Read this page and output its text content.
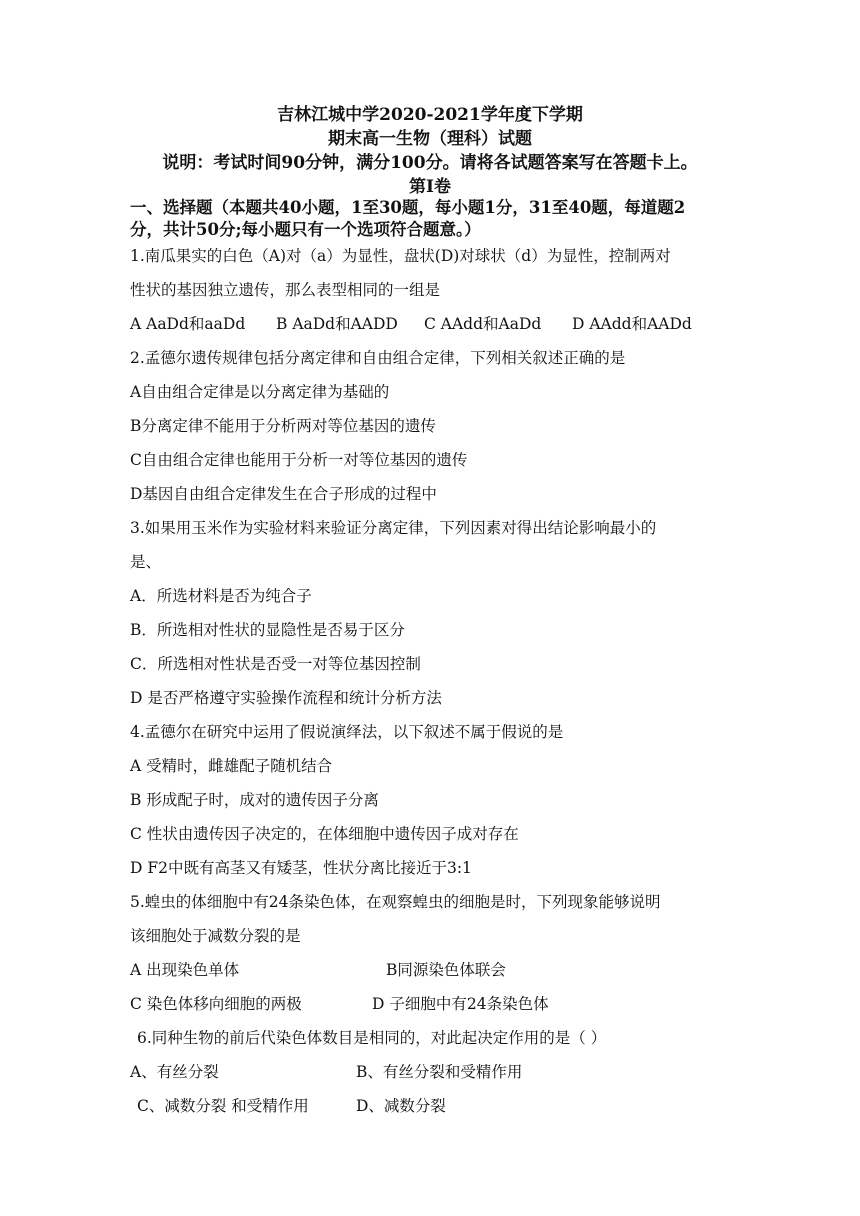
吉林江城中学2020-2021学年度下学期
期末高一生物（理科）试题
说明：考试时间90分钟，满分100分。请将各试题答案写在答题卡上。
第Ⅰ卷
一、选择题（本题共40小题，1至30题，每小题1分，31至40题，每道题2
分，共计50分;每小题只有一个选项符合题意。）
1.南瓜果实的白色（A)对（a）为显性，盘状(D)对球状（d）为显性，控制两对
性状的基因独立遗传，那么表型相同的一组是
A AaDd和aaDd B AaDd和AADD C AAdd和AaDd D AAdd和AADd
2.孟德尔遗传规律包括分离定律和自由组合定律，下列相关叙述正确的是
A自由组合定律是以分离定律为基础的
B分离定律不能用于分析两对等位基因的遗传
C自由组合定律也能用于分析一对等位基因的遗传
D基因自由组合定律发生在合子形成的过程中
3.如果用玉米作为实验材料来验证分离定律，下列因素对得出结论影响最小的
是、
A．所选材料是否为纯合子
B．所选相对性状的显隐性是否易于区分
C．所选相对性状是否受一对等位基因控制
D 是否严格遵守实验操作流程和统计分析方法
4.孟德尔在研究中运用了假说演绎法，以下叙述不属于假说的是
A 受精时，雌雄配子随机结合
B 形成配子时，成对的遗传因子分离
C 性状由遗传因子决定的，在体细胞中遗传因子成对存在
D F2中既有高茎又有矮茎，性状分离比接近于3:1
5.蝗虫的体细胞中有24条染色体，在观察蝗虫的细胞是时，下列现象能够说明
该细胞处于减数分裂的是
A 出现染色单体	B同源染色体联会
C 染色体移向细胞的两极	D 子细胞中有24条染色体
6.同种生物的前后代染色体数目是相同的，对此起决定作用的是（ ）
A、有丝分裂	B、有丝分裂和受精作用
C、减数分裂 和受精作用	D、减数分裂
